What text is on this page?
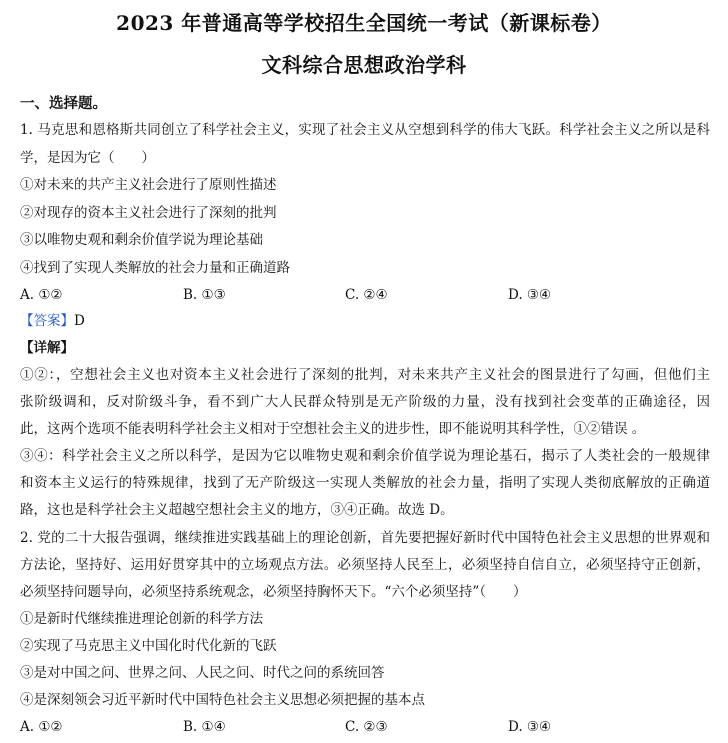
2023 年普通高等学校招生全国统一考试（新课标卷）
文科综合思想政治学科
一、选择题。
1. 马克思和恩格斯共同创立了科学社会主义，实现了社会主义从空想到科学的伟大飞跃。科学社会主义之所以是科
学，是因为它（　　）
①对未来的共产主义社会进行了原则性描述
②对现存的资本主义社会进行了深刻的批判
③以唯物史观和剩余价值学说为理论基础
④找到了实现人类解放的社会力量和正确道路
A. ①②	B. ①③	C. ②④	D. ③④
【答案】D
【详解】
①②：，空想社会主义也对资本主义社会进行了深刻的批判，对未来共产主义社会的图景进行了勾画，但他们主
张阶级调和，反对阶级斗争，看不到广大人民群众特别是无产阶级的力量，没有找到社会变革的正确途径，因
此，这两个选项不能表明科学社会主义相对于空想社会主义的进步性，即不能说明其科学性，①②错误 。
③④：科学社会主义之所以科学，是因为它以唯物史观和剩余价值学说为理论基石，揭示了人类社会的一般规律
和资本主义运行的特殊规律，找到了无产阶级这一实现人类解放的社会力量，指明了实现人类彻底解放的正确道
路，这也是科学社会主义超越空想社会主义的地方，③④正确。故选 D。
2. 党的二十大报告强调，继续推进实践基础上的理论创新，首先要把握好新时代中国特色社会主义思想的世界观和
方法论，坚持好、运用好贯穿其中的立场观点方法。必须坚持人民至上，必须坚持自信自立，必须坚持守正创新，
必须坚持问题导向，必须坚持系统观念，必须坚持胸怀天下。“六个必须坚持”（　　）
①是新时代继续推进理论创新的科学方法
②实现了马克思主义中国化时代化新的飞跃
③是对中国之问、世界之问、人民之问、时代之问的系统回答
④是深刻领会习近平新时代中国特色社会主义思想必须把握的基本点
A. ①②	B. ①④	C. ②③	D. ③④
